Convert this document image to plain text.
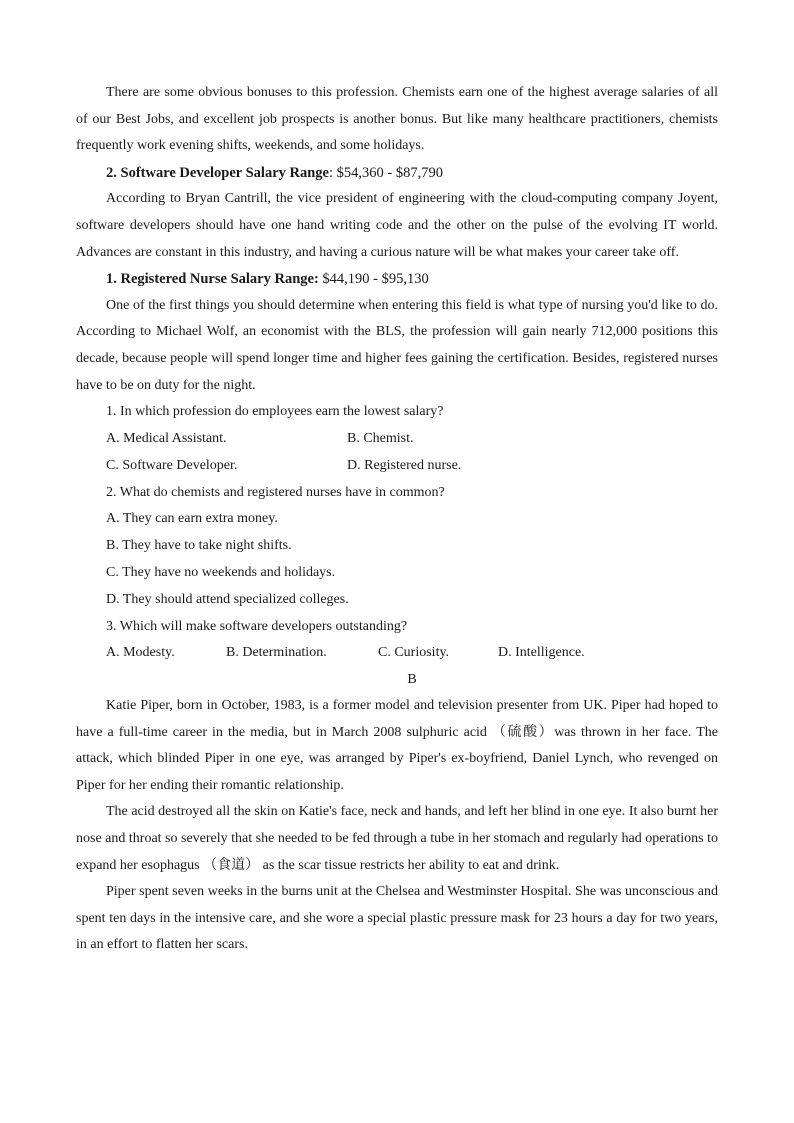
There are some obvious bonuses to this profession. Chemists earn one of the highest average salaries of all of our Best Jobs, and excellent job prospects is another bonus. But like many healthcare practitioners, chemists frequently work evening shifts, weekends, and some holidays.

2. Software Developer Salary Range: $54,360 - $87,790

According to Bryan Cantrill, the vice president of engineering with the cloud-computing company Joyent, software developers should have one hand writing code and the other on the pulse of the evolving IT world. Advances are constant in this industry, and having a curious nature will be what makes your career take off.

1. Registered Nurse Salary Range: $44,190 - $95,130

One of the first things you should determine when entering this field is what type of nursing you'd like to do. According to Michael Wolf, an economist with the BLS, the profession will gain nearly 712,000 positions this decade, because people will spend longer time and higher fees gaining the certification. Besides, registered nurses have to be on duty for the night.

1. In which profession do employees earn the lowest salary?

A. Medical Assistant.	B. Chemist.
C. Software Developer.	D. Registered nurse.

2. What do chemists and registered nurses have in common?

A. They can earn extra money.

B. They have to take night shifts.

C. They have no weekends and holidays.

D. They should attend specialized colleges.

3. Which will make software developers outstanding?

A. Modesty.	B. Determination.	C. Curiosity.	D. Intelligence.

B

Katie Piper, born in October, 1983, is a former model and television presenter from UK. Piper had hoped to have a full-time career in the media, but in March 2008 sulphuric acid （硫酸）was thrown in her face. The attack, which blinded Piper in one eye, was arranged by Piper's ex-boyfriend, Daniel Lynch, who revenged on Piper for her ending their romantic relationship.

The acid destroyed all the skin on Katie's face, neck and hands, and left her blind in one eye. It also burnt her nose and throat so severely that she needed to be fed through a tube in her stomach and regularly had operations to expand her esophagus （食道） as the scar tissue restricts her ability to eat and drink.

Piper spent seven weeks in the burns unit at the Chelsea and Westminster Hospital. She was unconscious and spent ten days in the intensive care, and she wore a special plastic pressure mask for 23 hours a day for two years, in an effort to flatten her scars.
